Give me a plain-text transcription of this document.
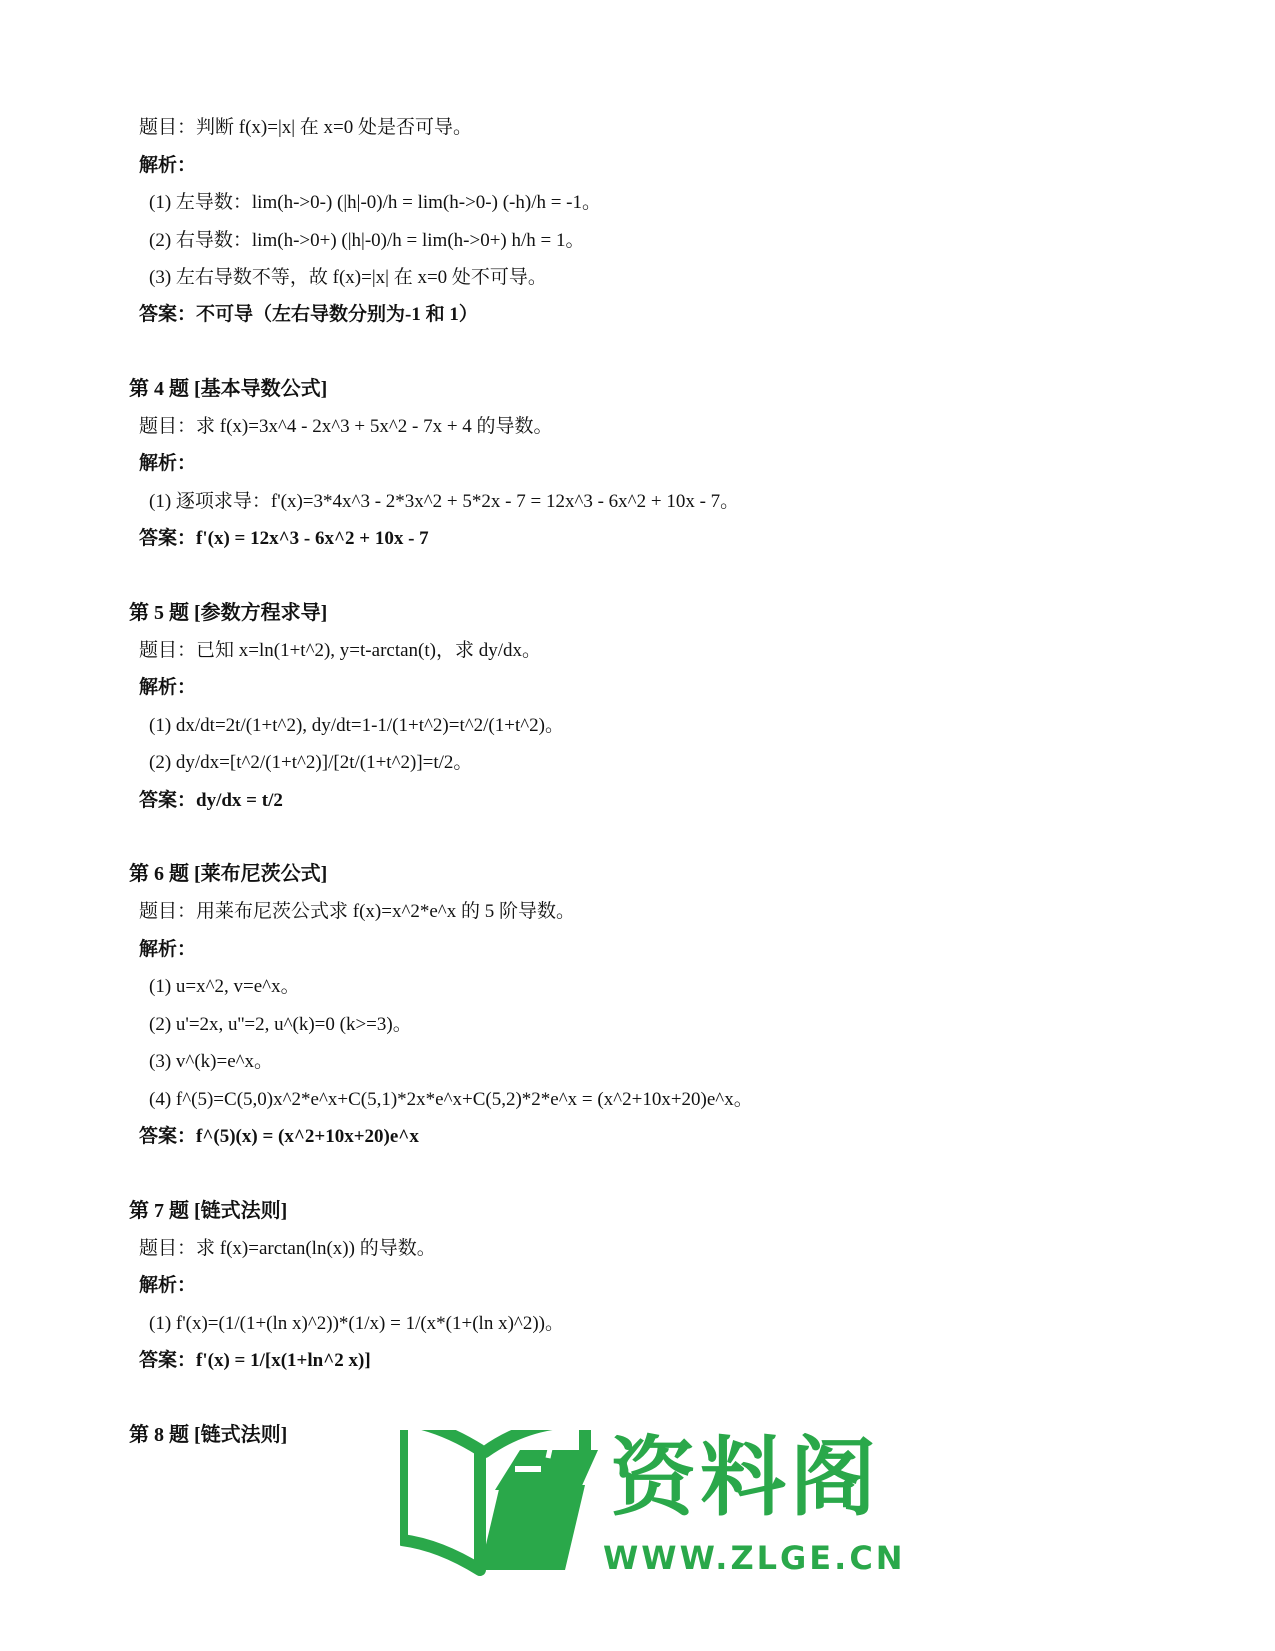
题目：判断 f(x)=|x| 在 x=0 处是否可导。
解析：
(1) 左导数：lim(h->0-) (|h|-0)/h = lim(h->0-) (-h)/h = -1。
(2) 右导数：lim(h->0+) (|h|-0)/h = lim(h->0+) h/h = 1。
(3) 左右导数不等，故 f(x)=|x| 在 x=0 处不可导。
答案：不可导（左右导数分别为-1 和 1）
第 4 题 [基本导数公式]
题目：求 f(x)=3x^4 - 2x^3 + 5x^2 - 7x + 4 的导数。
解析：
(1) 逐项求导：f'(x)=3*4x^3 - 2*3x^2 + 5*2x - 7 = 12x^3 - 6x^2 + 10x - 7。
答案：f'(x) = 12x^3 - 6x^2 + 10x - 7
第 5 题 [参数方程求导]
题目：已知 x=ln(1+t^2), y=t-arctan(t)，求 dy/dx。
解析：
(1) dx/dt=2t/(1+t^2), dy/dt=1-1/(1+t^2)=t^2/(1+t^2)。
(2) dy/dx=[t^2/(1+t^2)]/[2t/(1+t^2)]=t/2。
答案：dy/dx = t/2
第 6 题 [莱布尼茨公式]
题目：用莱布尼茨公式求 f(x)=x^2*e^x 的 5 阶导数。
解析：
(1) u=x^2, v=e^x。
(2) u'=2x, u''=2, u^(k)=0 (k>=3)。
(3) v^(k)=e^x。
(4) f^(5)=C(5,0)x^2*e^x+C(5,1)*2x*e^x+C(5,2)*2*e^x = (x^2+10x+20)e^x。
答案：f^(5)(x) = (x^2+10x+20)e^x
第 7 题 [链式法则]
题目：求 f(x)=arctan(ln(x)) 的导数。
解析：
(1) f'(x)=(1/(1+(ln x)^2))*(1/x) = 1/(x*(1+(ln x)^2))。
答案：f'(x) = 1/[x(1+ln^2 x)]
第 8 题 [链式法则]	资料阁
WWW.ZLGE.CN
